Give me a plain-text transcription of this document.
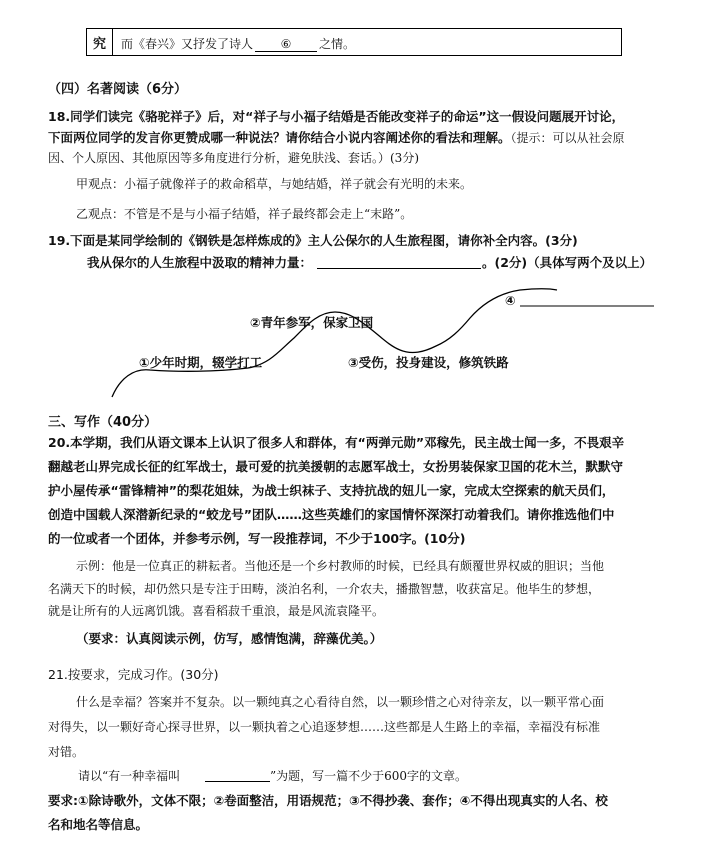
究	而《春兴》又抒发了诗人 ⑥ 之情。
（四）名著阅读（6分）
18.同学们读完《骆驼祥子》后，对“祥子与小福子结婚是否能改变祥子的命运”这一假设问题展开讨论，
下面两位同学的发言你更赞成哪一种说法？请你结合小说内容阐述你的看法和理解。（提示：可以从社会原
因、个人原因、其他原因等多角度进行分析，避免肤浅、套话。）(3分)
甲观点：小福子就像祥子的救命稻草，与她结婚，祥子就会有光明的未来。
乙观点：不管是不是与小福子结婚，祥子最终都会走上“末路”。
19.下面是某同学绘制的《钢铁是怎样炼成的》主人公保尔的人生旅程图，请你补全内容。(3分)
我从保尔的人生旅程中汲取的精神力量：	。(2分)（具体写两个及以上）
①少年时期，辍学打工
②青年参军，保家卫国
③受伤，投身建设，修筑铁路
④
三、写作（40分）
20.本学期，我们从语文课本上认识了很多人和群体，有“两弹元勋”邓稼先，民主战士闻一多，不畏艰辛
翻越老山界完成长征的红军战士，最可爱的抗美援朝的志愿军战士，女扮男装保家卫国的花木兰，默默守
护小屋传承“雷锋精神”的梨花姐妹，为战士织袜子、支持抗战的妞儿一家，完成太空探索的航天员们，
创造中国载人深潜新纪录的“蛟龙号”团队……这些英雄们的家国情怀深深打动着我们。请你推选他们中
的一位或者一个团体，并参考示例，写一段推荐词，不少于100字。(10分)
示例：他是一位真正的耕耘者。当他还是一个乡村教师的时候，已经具有颇覆世界权威的胆识；当他
名满天下的时候，却仍然只是专注于田畴，淡泊名利，一介农夫，播撒智慧，收获富足。他毕生的梦想，
就是让所有的人远离饥饿。喜看稻菽千重浪，最是风流袁隆平。
（要求：认真阅读示例，仿写，感情饱满，辞藻优美。）
21.按要求，完成习作。(30分)
什么是幸福？答案并不复杂。以一颗纯真之心看待自然，以一颗珍惜之心对待亲友，以一颗平常心面
对得失，以一颗好奇心探寻世界，以一颗执着之心追逐梦想……这些都是人生路上的幸福，幸福没有标准
对错。
请以“有一种幸福叫	”为题，写一篇不少于600字的文章。
要求:①除诗歌外，文体不限；②卷面整洁，用语规范；③不得抄袭、套作；④不得出现真实的人名、校
名和地名等信息。
